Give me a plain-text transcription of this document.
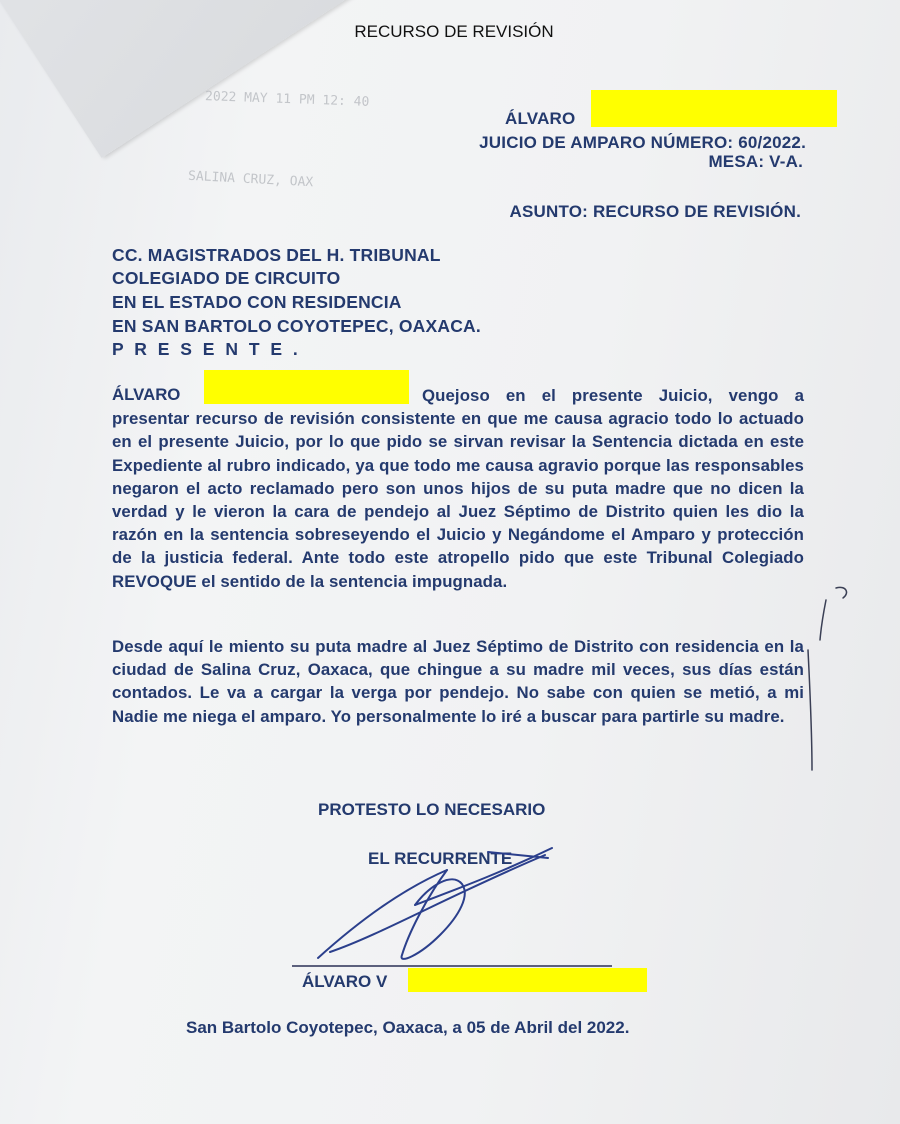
RECURSO DE REVISIÓN
2022 MAY 11 PM 12: 40
SALINA CRUZ, OAX
ÁLVARO
JUICIO DE AMPARO NÚMERO: 60/2022.
MESA: V-A.
ASUNTO: RECURSO DE REVISIÓN.
CC. MAGISTRADOS DEL H. TRIBUNAL
COLEGIADO DE CIRCUITO
EN EL ESTADO CON RESIDENCIA
EN SAN BARTOLO COYOTEPEC, OAXACA.
P R E S E N T E .
ÁLVARO	Quejoso en el presente Juicio, vengo a presentar recurso de revisión consistente en que me causa agracio todo lo actuado en el presente Juicio, por lo que pido se sirvan revisar la Sentencia dictada en este Expediente al rubro indicado, ya que todo me causa agravio porque las responsables negaron el acto reclamado pero son unos hijos de su puta madre que no dicen la verdad y le vieron la cara de pendejo al Juez Séptimo de Distrito quien les dio la razón en la sentencia sobreseyendo el Juicio y Negándome el Amparo y protección de la justicia federal. Ante todo este atropello pido que este Tribunal Colegiado REVOQUE el sentido de la sentencia impugnada.
Desde aquí le miento su puta madre al Juez Séptimo de Distrito con residencia en la ciudad de Salina Cruz, Oaxaca, que chingue a su madre mil veces, sus días están contados. Le va a cargar la verga por pendejo. No sabe con quien se metió, a mi Nadie me niega el amparo. Yo personalmente lo iré a buscar para partirle su madre.
PROTESTO LO NECESARIO
EL RECURRENTE
ÁLVARO V
San Bartolo Coyotepec, Oaxaca, a 05 de Abril del 2022.
